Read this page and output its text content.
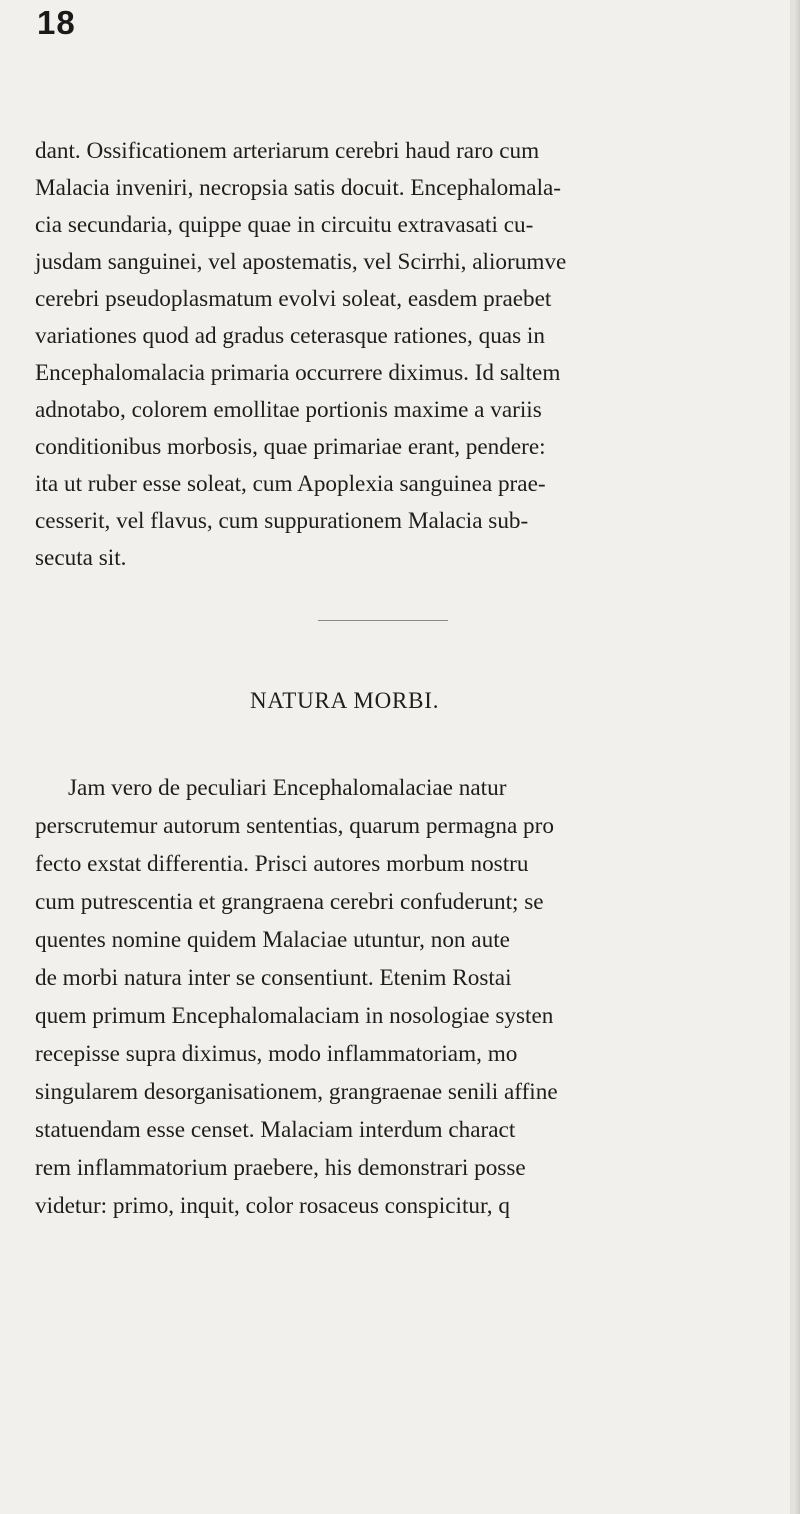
18
dant. Ossificationem arteriarum cerebri haud raro cum
Malacia inveniri, necropsia satis docuit. Encephalomala-
cia secundaria, quippe quae in circuitu extravasati cu-
jusdam sanguinei, vel apostematis, vel Scirrhi, aliorumve
cerebri pseudoplasmatum evolvi soleat, easdem praebet
variationes quod ad gradus ceterasque rationes, quas in
Encephalomalacia primaria occurrere diximus. Id saltem
adnotabo, colorem emollitae portionis maxime a variis
conditionibus morbosis, quae primariae erant, pendere:
ita ut ruber esse soleat, cum Apoplexia sanguinea prae-
cesserit, vel flavus, cum suppurationem Malacia sub-
secuta sit.
NATURA MORBI.
Jam vero de peculiari Encephalomalaciae natur
perscrutemur autorum sententias, quarum permagna pro
fecto exstat differentia. Prisci autores morbum nostru
cum putrescentia et grangraena cerebri confuderunt; se
quentes nomine quidem Malaciae utuntur, non aute
de morbi natura inter se consentiunt. Etenim Rostai
quem primum Encephalomalaciam in nosologiae systen
recepisse supra diximus, modo inflammatoriam, mo
singularem desorganisationem, grangraenae senili affine
statuendam esse censet. Malaciam interdum charact
rem inflammatorium praebere, his demonstrari posse
videtur: primo, inquit, color rosaceus conspicitur, q
